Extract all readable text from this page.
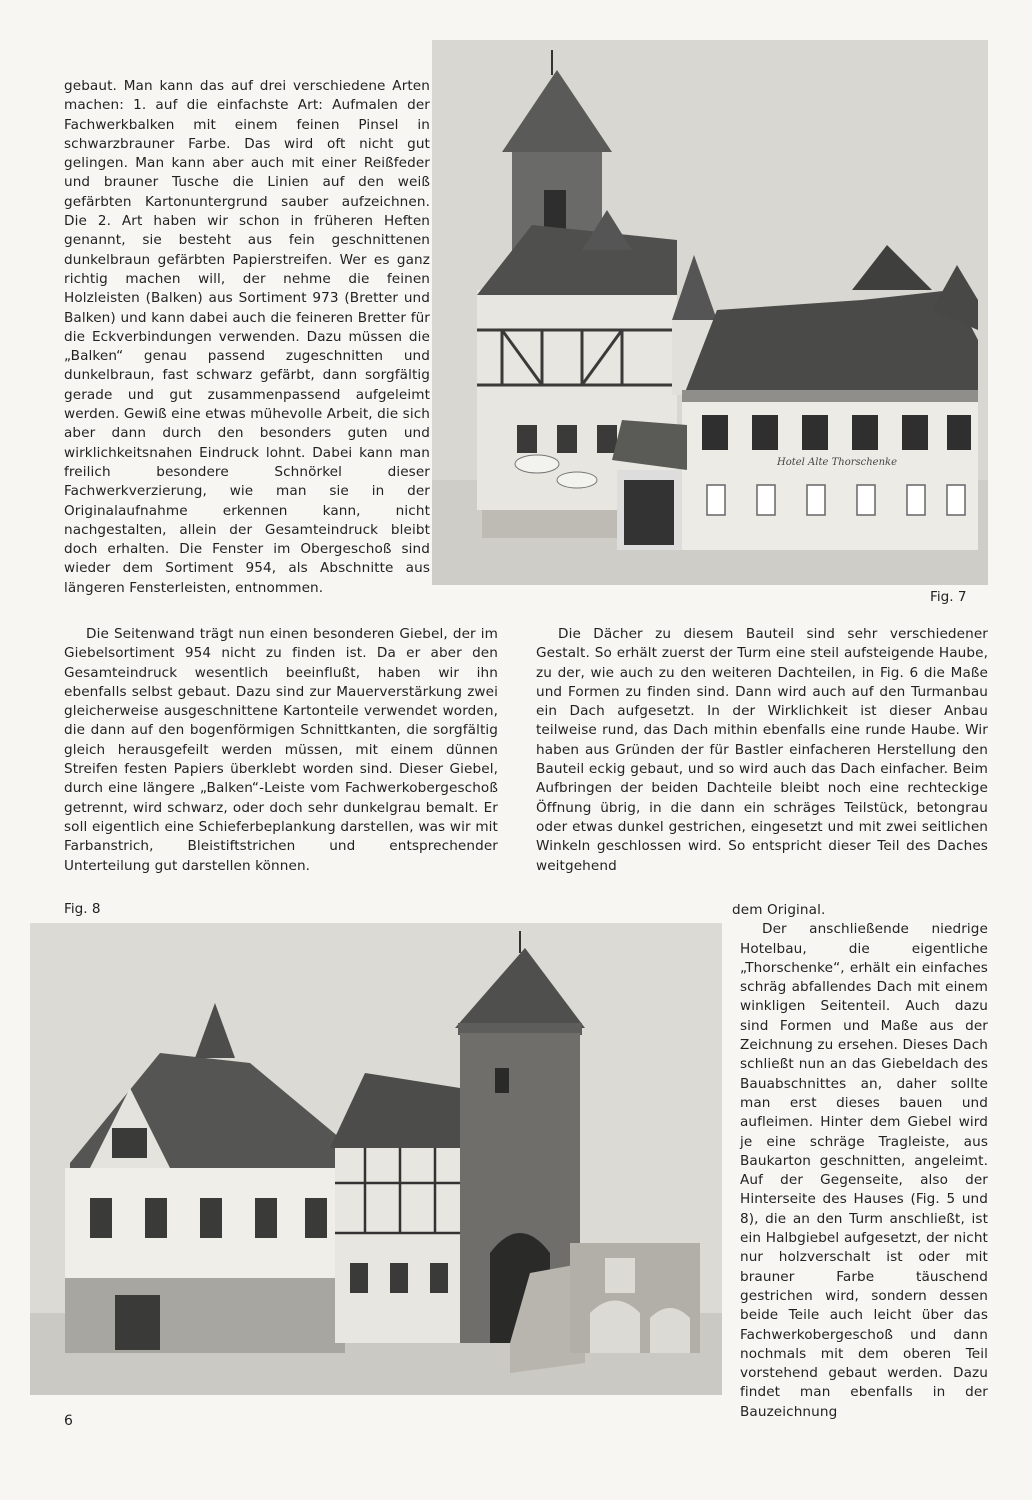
Hotel Alte Thorschenke
Fig. 7

gebaut. Man kann das auf drei verschiedene Arten machen: 1. auf die einfachste Art: Aufmalen der Fachwerkbalken mit einem feinen Pinsel in schwarzbrauner Farbe. Das wird oft nicht gut gelingen. Man kann aber auch mit einer Reißfeder und brauner Tusche die Linien auf den weiß gefärbten Kartonuntergrund sauber aufzeichnen. Die 2. Art haben wir schon in früheren Heften genannt, sie besteht aus fein geschnittenen dunkelbraun gefärbten Papierstreifen. Wer es ganz richtig machen will, der nehme die feinen Holzleisten (Balken) aus Sortiment 973 (Bretter und Balken) und kann dabei auch die feineren Bretter für die Eckverbindungen verwenden. Dazu müssen die „Balken“ genau passend zugeschnitten und dunkelbraun, fast schwarz gefärbt, dann sorgfältig gerade und gut zusammenpassend aufgeleimt werden. Gewiß eine etwas mühevolle Arbeit, die sich aber dann durch den besonders guten und wirklichkeitsnahen Eindruck lohnt. Dabei kann man freilich besondere Schnörkel dieser Fachwerkverzierung, wie man sie in der Originalaufnahme erkennen kann, nicht nachgestalten, allein der Gesamteindruck bleibt doch erhalten. Die Fenster im Obergeschoß sind wieder dem Sortiment 954, als Abschnitte aus längeren Fensterleisten, entnommen.

Die Seitenwand trägt nun einen besonderen Giebel, der im Giebelsortiment 954 nicht zu finden ist. Da er aber den Gesamteindruck wesentlich beeinflußt, haben wir ihn ebenfalls selbst gebaut. Dazu sind zur Mauerverstärkung zwei gleicherweise ausgeschnittene Kartonteile verwendet worden, die dann auf den bogenförmigen Schnittkanten, die sorgfältig gleich herausgefeilt werden müssen, mit einem dünnen Streifen festen Papiers überklebt worden sind. Dieser Giebel, durch eine längere „Balken“-Leiste vom Fachwerkobergeschoß getrennt, wird schwarz, oder doch sehr dunkelgrau bemalt. Er soll eigentlich eine Schieferbeplankung darstellen, was wir mit Farbanstrich, Bleistiftstrichen und entsprechender Unterteilung gut darstellen können.

Die Dächer zu diesem Bauteil sind sehr verschiedener Gestalt. So erhält zuerst der Turm eine steil aufsteigende Haube, zu der, wie auch zu den weiteren Dachteilen, in Fig. 6 die Maße und Formen zu finden sind. Dann wird auch auf den Turmanbau ein Dach aufgesetzt. In der Wirklichkeit ist dieser Anbau teilweise rund, das Dach mithin ebenfalls eine runde Haube. Wir haben aus Gründen der für Bastler einfacheren Herstellung den Bauteil eckig gebaut, und so wird auch das Dach einfacher. Beim Aufbringen der beiden Dachteile bleibt noch eine rechteckige Öffnung übrig, in die dann ein schräges Teilstück, betongrau oder etwas dunkel gestrichen, eingesetzt und mit zwei seitlichen Winkeln geschlossen wird. So entspricht dieser Teil des Daches weitgehend

dem Original.

Der anschließende niedrige Hotelbau, die eigentliche „Thorschenke“, erhält ein einfaches schräg abfallendes Dach mit einem winkligen Seitenteil. Auch dazu sind Formen und Maße aus der Zeichnung zu ersehen. Dieses Dach schließt nun an das Giebeldach des Bauabschnittes an, daher sollte man erst dieses bauen und aufleimen. Hinter dem Giebel wird je eine schräge Tragleiste, aus Baukarton geschnitten, angeleimt. Auf der Gegenseite, also der Hinterseite des Hauses (Fig. 5 und 8), die an den Turm anschließt, ist ein Halbgiebel aufgesetzt, der nicht nur holzverschalt ist oder mit brauner Farbe täuschend gestrichen wird, sondern dessen beide Teile auch leicht über das Fachwerkobergeschoß und dann nochmals mit dem oberen Teil vorstehend gebaut werden. Dazu findet man ebenfalls in der Bauzeichnung

Fig. 8
6
